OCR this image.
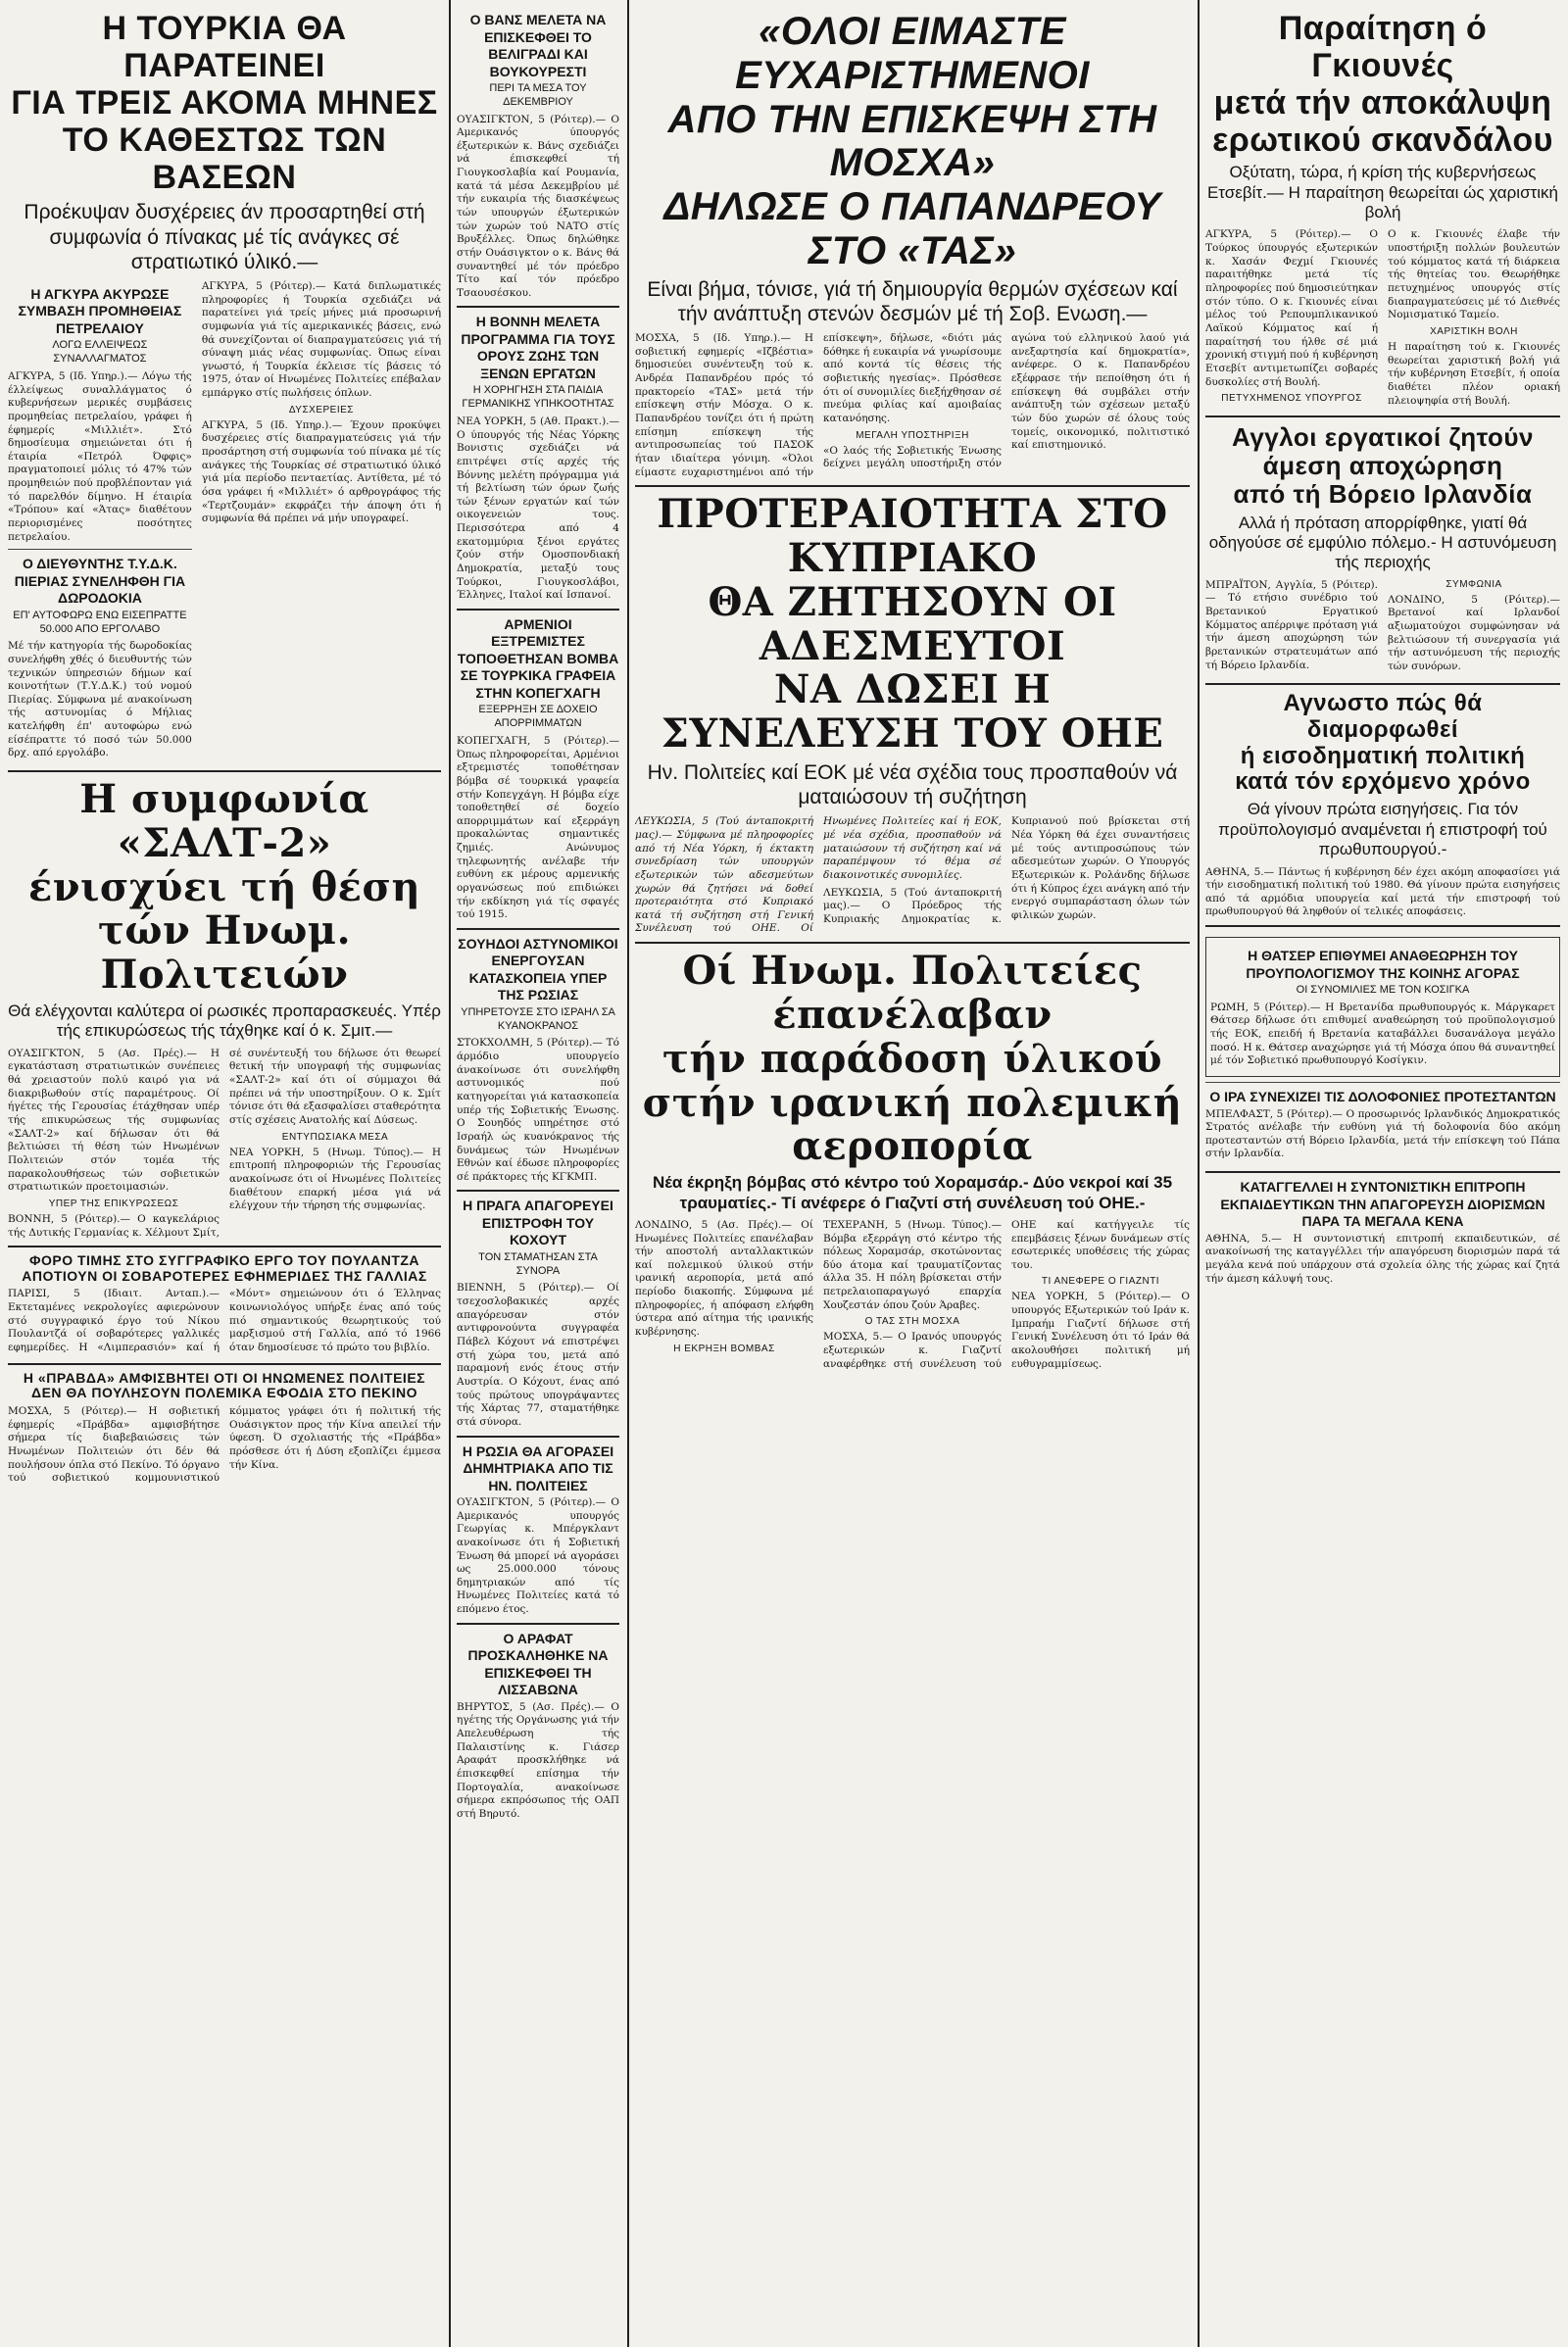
Η ΤΟΥΡΚΙΑ ΘΑ ΠΑΡΑΤΕΙΝΕΙ
ΓΙΑ ΤΡΕΙΣ ΑΚΟΜΑ ΜΗΝΕΣ
ΤΟ ΚΑΘΕΣΤΩΣ ΤΩΝ ΒΑΣΕΩΝ
Προέκυψαν δυσχέρειες άν προσαρτηθεί στή συμφωνία ό πίνακας μέ τίς ανάγκες σέ στρατιωτικό ύλικό.—
Η ΑΓΚΥΡΑ ΑΚΥΡΩΣΕ ΣΥΜΒΑΣΗ ΠΡΟΜΗΘΕΙΑΣ ΠΕΤΡΕΛΑΙΟΥ
ΛΟΓΩ ΕΛΛΕΙΨΕΩΣ ΣΥΝΑΛΛΑΓΜΑΤΟΣ

ΑΓΚΥΡΑ, 5 (Ιδ. Υπηρ.).— Λόγω τής έλλείψεως συναλλάγματος ό κυβερνήσεων μερικές συμβάσεις προμηθείας πετρελαίου, γράφει ή έφημερίς «Μιλλιέτ». Στό δημοσίευμα σημειώνεται ότι ή έταιρία «Πετρόλ Όφφις» πραγματοποιεί μόλις τό 47% τών προμηθειών πού προβλέπονταν γιά τό παρελθόν δίμηνο. Η έταιρία «Τρόπου» καί «Άτας» διαθέτουν περιορισμένες ποσότητες πετρελαίου.

Ο ΔΙΕΥΘΥΝΤΗΣ Τ.Υ.Δ.Κ. ΠΙΕΡΙΑΣ ΣΥΝΕΛΗΦΘΗ ΓΙΑ ΔΩΡΟΔΟΚΙΑ
ΕΠ' ΑΥΤΟΦΩΡΩ ΕΝΩ ΕΙΣΕΠΡΑΤΤΕ 50.000 ΑΠΟ ΕΡΓΟΛΑΒΟ

Μέ τήν κατηγορία τής δωροδοκίας συνελήφθη χθές ό διευθυντής τών τεχνικών ύπηρεσιών δήμων καί κοινοτήτων (Τ.Υ.Δ.Κ.) τού νομού Πιερίας. Σύμφωνα μέ ανακοίνωση τής αστυνομίας ό Μήλιας κατελήφθη έπ' αυτοφώρω ενώ είσέπραττε τό ποσό τών 50.000 δρχ. από εργολάβο.

ΑΓΚΥΡΑ, 5 (Ρόιτερ).— Κατά διπλωματικές πληροφορίες ή Τουρκία σχεδιάζει νά παρατείνει γιά τρείς μήνες μιά προσωρινή συμφωνία γιά τίς αμερικανικές βάσεις, ενώ θά συνεχίζονται οί διαπραγματεύσεις γιά τή σύναψη μιάς νέας συμφωνίας. Όπως είναι γνωστό, ή Τουρκία έκλεισε τίς βάσεις τό 1975, όταν οί Ηνωμένες Πολιτείες επέβαλαν εμπάργκο στίς πωλήσεις όπλων.

ΔΥΣΧΕΡΕΙΕΣ

ΑΓΚΥΡΑ, 5 (Ιδ. Υπηρ.).— Έχουν προκύψει δυσχέρειες στίς διαπραγματεύσεις γιά τήν προσάρτηση στή συμφωνία τού πίνακα μέ τίς ανάγκες τής Τουρκίας σέ στρατιωτικό ύλικό γιά μία περίοδο πενταετίας. Αντίθετα, μέ τό όσα γράφει ή «Μιλλιέτ» ό αρθρογράφος τής «Τερτζουμάν» εκφράζει τήν άποψη ότι ή συμφωνία θά πρέπει νά μήν υπογραφεί.

Η συμφωνία «ΣΑΛΤ-2»
ένισχύει τή θέση
τών Ηνωμ. Πολιτειών
Θά ελέγχονται καλύτερα οί ρωσικές προπαρασκευές. Υπέρ τής επικυρώσεως τής τάχθηκε καί ό κ. Σμιτ.—

ΟΥΑΣΙΓΚΤΟΝ, 5 (Ασ. Πρές).— Η εγκατάσταση στρατιωτικών συνέπειες θά χρειαστούν πολύ καιρό για νά διακριβωθούν στίς παραμέτρους. Οί ήγέτες τής Γερουσίας έτάχθησαν υπέρ τής επικυρώσεως τής συμφωνίας «ΣΑΛΤ-2» καί δήλωσαν ότι θά βελτιώσει τή θέση τών Ηνωμένων Πολιτειών στόν τομέα τής παρακολουθήσεως τών σοβιετικών στρατιωτικών προετοιμασιών.

ΥΠΕΡ ΤΗΣ ΕΠΙΚΥΡΩΣΕΩΣ

ΒΟΝΝΗ, 5 (Ρόιτερ).— Ο καγκελάριος τής Δυτικής Γερμανίας κ. Χέλμουτ Σμίτ, σέ συνέντευξή του δήλωσε ότι θεωρεί θετική τήν υπογραφή τής συμφωνίας «ΣΑΛΤ-2» καί ότι οί σύμμαχοι θά πρέπει νά τήν υποστηρίξουν. Ο κ. Σμίτ τόνισε ότι θά εξασφαλίσει σταθερότητα στίς σχέσεις Ανατολής καί Δύσεως.

ΕΝΤΥΠΩΣΙΑΚΑ ΜΕΣΑ

ΝΕΑ ΥΟΡΚΗ, 5 (Ηνωμ. Τύπος).— Η επιτροπή πληροφοριών τής Γερουσίας ανακοίνωσε ότι οί Ηνωμένες Πολιτείες διαθέτουν επαρκή μέσα γιά νά ελέγχουν τήν τήρηση τής συμφωνίας.

ΦΟΡΟ ΤΙΜΗΣ ΣΤΟ ΣΥΓΓΡΑΦΙΚΟ ΕΡΓΟ ΤΟΥ ΠΟΥΛΑΝΤΖΑ ΑΠΟΤΙΟΥΝ ΟΙ ΣΟΒΑΡΟΤΕΡΕΣ ΕΦΗΜΕΡΙΔΕΣ ΤΗΣ ΓΑΛΛΙΑΣ

ΠΑΡΙΣΙ, 5 (Ιδιαιτ. Ανταπ.).— Εκτεταμένες νεκρολογίες αφιερώνουν στό συγγραφικό έργο τού Νίκου Πουλαντζά οί σοβαρότερες γαλλικές εφημερίδες. Η «Λιμπερασιόν» καί ή «Μόντ» σημειώνουν ότι ό Έλληνας κοινωνιολόγος υπήρξε ένας από τούς πιό σημαντικούς θεωρητικούς τού μαρξισμού στή Γαλλία, από τό 1966 όταν δημοσίευσε τό πρώτο του βιβλίο.

Η «ΠΡΑΒΔΑ» ΑΜΦΙΣΒΗΤΕΙ ΟΤΙ ΟΙ ΗΝΩΜΕΝΕΣ ΠΟΛΙΤΕΙΕΣ ΔΕΝ ΘΑ ΠΟΥΛΗΣΟΥΝ ΠΟΛΕΜΙΚΑ ΕΦΟΔΙΑ ΣΤΟ ΠΕΚΙΝΟ

ΜΟΣΧΑ, 5 (Ρόιτερ).— Η σοβιετική έφημερίς «Πράβδα» αμφισβήτησε σήμερα τίς διαβεβαιώσεις τών Ηνωμένων Πολιτειών ότι δέν θά πουλήσουν όπλα στό Πεκίνο. Τό όργανο τού σοβιετικού κομμουνιστικού κόμματος γράφει ότι ή πολιτική τής Ουάσιγκτον προς τήν Κίνα απειλεί τήν ύφεση. Ό σχολιαστής τής «Πράβδα» πρόσθεσε ότι ή Δύση εξοπλίζει έμμεσα τήν Κίνα.

Ο ΒΑΝΣ ΜΕΛΕΤΑ ΝΑ ΕΠΙΣΚΕΦΘΕΙ ΤΟ ΒΕΛΙΓΡΑΔΙ ΚΑΙ ΒΟΥΚΟΥΡΕΣΤΙ
ΠΕΡΙ ΤΑ ΜΕΣΑ ΤΟΥ ΔΕΚΕΜΒΡΙΟΥ

ΟΥΑΣΙΓΚΤΟΝ, 5 (Ρόιτερ).— Ο Αμερικανός ύπουργός έξωτερικών κ. Βάνς σχεδιάζει νά έπισκεφθεί τή Γιουγκοσλαβία καί Ρουμανία, κατά τά μέσα Δεκεμβρίου μέ τήν ευκαιρία τής διασκέψεως τών υπουργών έξωτερικών τών χωρών τού ΝΑΤΟ στίς Βρυξέλλες. Όπως δηλώθηκε στήν Ουάσιγκτον ο κ. Βάνς θά συναντηθεί μέ τόν πρόεδρο Τίτο καί τόν πρόεδρο Τσαουσέσκου.

Η ΒΟΝΝΗ ΜΕΛΕΤΑ ΠΡΟΓΡΑΜΜΑ ΓΙΑ ΤΟΥΣ ΟΡΟΥΣ ΖΩΗΣ ΤΩΝ ΞΕΝΩΝ ΕΡΓΑΤΩΝ
Η ΧΟΡΗΓΗΣΗ ΣΤΑ ΠΑΙΔΙΑ ΓΕΡΜΑΝΙΚΗΣ ΥΠΗΚΟΟΤΗΤΑΣ

ΝΕΑ ΥΟΡΚΗ, 5 (Αθ. Πρακτ.).— Ο ύπουργός τής Νέας Υόρκης Βονιστις σχεδιάζει νά επιτρέψει στίς αρχές τής Βόννης μελέτη πρόγραμμα γιά τή βελτίωση τών όρων ζωής τών ξένων εργατών καί τών οικογενειών τους. Περισσότερα από 4 εκατομμύρια ξένοι εργάτες ζούν στήν Ομοσπονδιακή Δημοκρατία, μεταξύ τους Τούρκοι, Γιουγκοσλάβοι, Έλληνες, Ιταλοί καί Ισπανοί.

ΑΡΜΕΝΙΟΙ ΕΞΤΡΕΜΙΣΤΕΣ ΤΟΠΟΘΕΤΗΣΑΝ ΒΟΜΒΑ ΣΕ ΤΟΥΡΚΙΚΑ ΓΡΑΦΕΙΑ ΣΤΗΝ ΚΟΠΕΓΧΑΓΗ
ΕΞΕΡΡΗΞΗ ΣΕ ΔΟΧΕΙΟ ΑΠΟΡΡΙΜΜΑΤΩΝ

ΚΟΠΕΓΧΑΓΗ, 5 (Ρόιτερ).— Όπως πληροφορείται, Αρμένιοι εξτρεμιστές τοποθέτησαν βόμβα σέ τουρκικά γραφεία στήν Κοπεγχάγη. Η βόμβα είχε τοποθετηθεί σέ δοχείο απορριμμάτων καί εξερράγη προκαλώντας σημαντικές ζημιές. Ανώνυμος τηλεφωνητής ανέλαβε τήν ευθύνη εκ μέρους αρμενικής οργανώσεως πού επιδιώκει τήν εκδίκηση γιά τίς σφαγές τού 1915.

ΣΟΥΗΔΟΙ ΑΣΤΥΝΟΜΙΚΟΙ ΕΝΕΡΓΟΥΣΑΝ ΚΑΤΑΣΚΟΠΕΙΑ ΥΠΕΡ ΤΗΣ ΡΩΣΙΑΣ
ΥΠΗΡΕΤΟΥΣΕ ΣΤΟ ΙΣΡΑΗΛ ΣΑ ΚΥΑΝΟΚΡΑΝΟΣ

ΣΤΟΚΧΟΛΜΗ, 5 (Ρόιτερ).— Τό άρμόδιο υπουργείο άνακοίνωσε ότι συνελήφθη αστυνομικός πού κατηγορείται γιά κατασκοπεία υπέρ τής Σοβιετικής Ένωσης. Ο Σουηδός υπηρέτησε στό Ισραήλ ώς κυανόκρανος τής δυνάμεως τών Ηνωμένων Εθνών καί έδωσε πληροφορίες σέ πράκτορες τής ΚΓΚΜΠ.

Η ΠΡΑΓΑ ΑΠΑΓΟΡΕΥΕΙ ΕΠΙΣΤΡΟΦΗ ΤΟΥ ΚΟΧΟΥΤ
ΤΟΝ ΣΤΑΜΑΤΗΣΑΝ ΣΤΑ ΣΥΝΟΡΑ

ΒΙΕΝΝΗ, 5 (Ρόιτερ).— Οί τσεχοσλοβακικές αρχές απαγόρευσαν στόν αντιφρονούντα συγγραφέα Πάβελ Κόχουτ νά επιστρέψει στή χώρα του, μετά από παραμονή ενός έτους στήν Αυστρία. Ο Κόχουτ, ένας από τούς πρώτους υπογράψαντες τής Χάρτας 77, σταματήθηκε στά σύνορα.

Η ΡΩΣΙΑ ΘΑ ΑΓΟΡΑΣΕΙ ΔΗΜΗΤΡΙΑΚΑ ΑΠΟ ΤΙΣ ΗΝ. ΠΟΛΙΤΕΙΕΣ

ΟΥΑΣΙΓΚΤΟΝ, 5 (Ρόιτερ).— Ο Αμερικανός υπουργός Γεωργίας κ. Μπέργκλαντ ανακοίνωσε ότι ή Σοβιετική Ένωση θά μπορεί νά αγοράσει ως 25.000.000 τόνους δημητριακών από τίς Ηνωμένες Πολιτείες κατά τό επόμενο έτος.

Ο ΑΡΑΦΑΤ ΠΡΟΣΚΑΛΗΘΗΚΕ ΝΑ ΕΠΙΣΚΕΦΘΕΙ ΤΗ ΛΙΣΣΑΒΩΝΑ

ΒΗΡΥΤΟΣ, 5 (Ασ. Πρές).— Ο ηγέτης τής Οργάνωσης γιά τήν Απελευθέρωση τής Παλαιστίνης κ. Γιάσερ Αραφάτ προσκλήθηκε νά έπισκεφθεί επίσημα τήν Πορτογαλία, ανακοίνωσε σήμερα εκπρόσωπος τής ΟΑΠ στή Βηρυτό.

«ΟΛΟΙ ΕΙΜΑΣΤΕ ΕΥΧΑΡΙΣΤΗΜΕΝΟΙ
ΑΠΟ ΤΗΝ ΕΠΙΣΚΕΨΗ ΣΤΗ ΜΟΣΧΑ»
ΔΗΛΩΣΕ Ο ΠΑΠΑΝΔΡΕΟΥ ΣΤΟ «ΤΑΣ»
Είναι βήμα, τόνισε, γιά τή δημιουργία θερμών σχέσεων καί τήν ανάπτυξη στενών δεσμών μέ τή Σοβ. Ενωση.—

ΜΟΣΧΑ, 5 (Ιδ. Υπηρ.).— Η σοβιετική εφημερίς «Ιζβέστια» δημοσιεύει συνέντευξη τού κ. Ανδρέα Παπανδρέου πρός τό πρακτορείο «ΤΑΣ» μετά τήν επίσκεψη στήν Μόσχα. Ο κ. Παπανδρέου τονίζει ότι ή πρώτη επίσημη επίσκεψη τής αντιπροσωπείας τού ΠΑΣΟΚ ήταν ιδιαίτερα γόνιμη. «Όλοι είμαστε ευχαριστημένοι από τήν επίσκεψη», δήλωσε, «διότι μάς δόθηκε ή ευκαιρία νά γνωρίσουμε από κοντά τίς θέσεις τής σοβιετικής ηγεσίας». Πρόσθεσε ότι οί συνομιλίες διεξήχθησαν σέ πνεύμα φιλίας καί αμοιβαίας κατανόησης.

ΜΕΓΑΛΗ ΥΠΟΣΤΗΡΙΞΗ

«Ο λαός τής Σοβιετικής Ένωσης δείχνει μεγάλη υποστήριξη στόν αγώνα τού ελληνικού λαού γιά ανεξαρτησία καί δημοκρατία», ανέφερε. Ο κ. Παπανδρέου εξέφρασε τήν πεποίθηση ότι ή επίσκεψη θά συμβάλει στήν ανάπτυξη τών σχέσεων μεταξύ τών δύο χωρών σέ όλους τούς τομείς, οικονομικό, πολιτιστικό καί επιστημονικό.

ΠΡΟΤΕΡΑΙΟΤΗΤΑ ΣΤΟ ΚΥΠΡΙΑΚΟ
ΘΑ ΖΗΤΗΣΟΥΝ ΟΙ ΑΔΕΣΜΕΥΤΟΙ
ΝΑ ΔΩΣΕΙ Η ΣΥΝΕΛΕΥΣΗ ΤΟΥ ΟΗΕ
Ην. Πολιτείες καί ΕΟΚ μέ νέα σχέδια τους προσπαθούν νά ματαιώσουν τή συζήτηση

ΛΕΥΚΩΣΙΑ, 5 (Τού άνταποκριτή μας).— Σύμφωνα μέ πληροφορίες από τή Νέα Υόρκη, ή έκτακτη συνεδρίαση τών υπουργών εξωτερικών τών αδεσμεύτων χωρών θά ζητήσει νά δοθεί προτεραιότητα στό Κυπριακό κατά τή συζήτηση στή Γενική Συνέλευση τού ΟΗΕ. Οί Ηνωμένες Πολιτείες καί ή ΕΟΚ, μέ νέα σχέδια, προσπαθούν νά ματαιώσουν τή συζήτηση καί νά παραπέμψουν τό θέμα σέ διακοινοτικές συνομιλίες.

ΛΕΥΚΩΣΙΑ, 5 (Τού άνταποκριτή μας).— Ο Πρόεδρος τής Κυπριακής Δημοκρατίας κ. Κυπριανού πού βρίσκεται στή Νέα Υόρκη θά έχει συναντήσεις μέ τούς αντιπροσώπους τών αδεσμεύτων χωρών. Ο Υπουργός Εξωτερικών κ. Ρολάνδης δήλωσε ότι ή Κύπρος έχει ανάγκη από τήν ενεργό συμπαράσταση όλων τών φιλικών χωρών.

Οί Ηνωμ. Πολιτείες έπανέλαβαν
τήν παράδοση ύλικού
στήν ιρανική πολεμική αεροπορία
Νέα έκρηξη βόμβας στό κέντρο τού Χοραμσάρ.- Δύο νεκροί καί 35 τραυματίες.- Τί ανέφερε ό Γιαζντί στή συνέλευση τού ΟΗΕ.-

ΛΟΝΔΙΝΟ, 5 (Ασ. Πρές).— Οί Ηνωμένες Πολιτείες επανέλαβαν τήν αποστολή ανταλλακτικών καί πολεμικού ύλικού στήν ιρανική αεροπορία, μετά από περίοδο διακοπής. Σύμφωνα μέ πληροφορίες, ή απόφαση ελήφθη ύστερα από αίτημα τής ιρανικής κυβέρνησης.

Η ΕΚΡΗΞΗ ΒΟΜΒΑΣ

ΤΕΧΕΡΑΝΗ, 5 (Ηνωμ. Τύπος).— Βόμβα εξερράγη στό κέντρο τής πόλεως Χοραμσάρ, σκοτώνοντας δύο άτομα καί τραυματίζοντας άλλα 35. Η πόλη βρίσκεται στήν πετρελαιοπαραγωγό επαρχία Χουζεστάν όπου ζούν Άραβες.

Ο ΤΑΣ ΣΤΗ ΜΟΣΧΑ

ΜΟΣΧΑ, 5.— Ο Ιρανός υπουργός εξωτερικών κ. Γιαζντί αναφέρθηκε στή συνέλευση τού ΟΗΕ καί κατήγγειλε τίς επεμβάσεις ξένων δυνάμεων στίς εσωτερικές υποθέσεις τής χώρας του.

ΤΙ ΑΝΕΦΕΡΕ Ο ΓΙΑΖΝΤΙ

ΝΕΑ ΥΟΡΚΗ, 5 (Ρόιτερ).— Ο υπουργός Εξωτερικών τού Ιράν κ. Ιμπραήμ Γιαζντί δήλωσε στή Γενική Συνέλευση ότι τό Ιράν θά ακολουθήσει πολιτική μή ευθυγραμμίσεως.

Παραίτηση ό Γκιουνές
μετά τήν αποκάλυψη
ερωτικού σκανδάλου
Οξύτατη, τώρα, ή κρίση τής κυβερνήσεως Ετσεβίτ.— Η παραίτηση θεωρείται ώς χαριστική βολή

ΑΓΚΥΡΑ, 5 (Ρόιτερ).— Ο Τούρκος ύπουργός εξωτερικών κ. Χασάν Φεχμί Γκιουνές παραιτήθηκε μετά τίς πληροφορίες πού δημοσιεύτηκαν στόν τύπο. Ο κ. Γκιουνές είναι μέλος τού Ρεπουμπλικανικού Λαϊκού Κόμματος καί ή παραίτησή του ήλθε σέ μιά χρονική στιγμή πού ή κυβέρνηση Ετσεβίτ αντιμετωπίζει σοβαρές δυσκολίες στή Βουλή.

ΠΕΤΥΧΗΜΕΝΟΣ ΥΠΟΥΡΓΟΣ

Ο κ. Γκιουνές έλαβε τήν υποστήριξη πολλών βουλευτών τού κόμματος κατά τή διάρκεια τής θητείας του. Θεωρήθηκε πετυχημένος υπουργός στίς διαπραγματεύσεις μέ τό Διεθνές Νομισματικό Ταμείο.

ΧΑΡΙΣΤΙΚΗ ΒΟΛΗ

Η παραίτηση τού κ. Γκιουνές θεωρείται χαριστική βολή γιά τήν κυβέρνηση Ετσεβίτ, ή οποία διαθέτει πλέον οριακή πλειοψηφία στή Βουλή.

Αγγλοι εργατικοί ζητούν
άμεση αποχώρηση
από τή Βόρειο Ιρλανδία
Αλλά ή πρόταση απορρίφθηκε, γιατί θά οδηγούσε σέ εμφύλιο πόλεμο.- Η αστυνόμευση τής περιοχής

ΜΠΡΑΪΤΟΝ, Αγγλία, 5 (Ρόιτερ).— Τό ετήσιο συνέδριο τού Βρετανικού Εργατικού Κόμματος απέρριψε πρόταση γιά τήν άμεση αποχώρηση τών βρετανικών στρατευμάτων από τή Βόρειο Ιρλανδία.

ΣΥΜΦΩΝΙΑ

ΛΟΝΔΙΝΟ, 5 (Ρόιτερ).— Βρετανοί καί Ιρλανδοί αξιωματούχοι συμφώνησαν νά βελτιώσουν τή συνεργασία γιά τήν αστυνόμευση τής περιοχής τών συνόρων.

Αγνωστο πώς θά διαμορφωθεί
ή εισοδηματική πολιτική
κατά τόν ερχόμενο χρόνο
Θά γίνουν πρώτα εισηγήσεις. Για τόν προϋπολογισμό αναμένεται ή επιστροφή τού πρωθυπουργού.-

ΑΘΗΝΑ, 5.— Πάντως ή κυβέρνηση δέν έχει ακόμη αποφασίσει γιά τήν εισοδηματική πολιτική τού 1980. Θά γίνουν πρώτα εισηγήσεις από τά αρμόδια υπουργεία καί μετά τήν επιστροφή τού πρωθυπουργού θά ληφθούν οί τελικές αποφάσεις.

Η ΘΑΤΣΕΡ ΕΠΙΘΥΜΕΙ ΑΝΑΘΕΩΡΗΣΗ ΤΟΥ ΠΡΟΥΠΟΛΟΓΙΣΜΟΥ ΤΗΣ ΚΟΙΝΗΣ ΑΓΟΡΑΣ
ΟΙ ΣΥΝΟΜΙΛΙΕΣ ΜΕ ΤΟΝ ΚΟΣΙΓΚΑ

ΡΩΜΗ, 5 (Ρόιτερ).— Η Βρετανίδα πρωθυπουργός κ. Μάργκαρετ Θάτσερ δήλωσε ότι επιθυμεί αναθεώρηση τού προϋπολογισμού τής ΕΟΚ, επειδή ή Βρετανία καταβάλλει δυσανάλογα μεγάλο ποσό. Η κ. Θάτσερ αναχώρησε γιά τή Μόσχα όπου θά συναντηθεί μέ τόν Σοβιετικό πρωθυπουργό Κοσίγκιν.

Ο ΙΡΑ ΣΥΝΕΧΙΖΕΙ ΤΙΣ ΔΟΛΟΦΟΝΙΕΣ ΠΡΟΤΕΣΤΑΝΤΩΝ

ΜΠΕΛΦΑΣΤ, 5 (Ρόιτερ).— Ο προσωρινός Ιρλανδικός Δημοκρατικός Στρατός ανέλαβε τήν ευθύνη γιά τή δολοφονία δύο ακόμη προτεσταντών στή Βόρειο Ιρλανδία, μετά τήν επίσκεψη τού Πάπα στήν Ιρλανδία.

ΚΑΤΑΓΓΕΛΛΕΙ Η ΣΥΝΤΟΝΙΣΤΙΚΗ ΕΠΙΤΡΟΠΗ ΕΚΠΑΙΔΕΥΤΙΚΩΝ ΤΗΝ ΑΠΑΓΟΡΕΥΣΗ ΔΙΟΡΙΣΜΩΝ ΠΑΡΑ ΤΑ ΜΕΓΑΛΑ ΚΕΝΑ

ΑΘΗΝΑ, 5.— Η συντονιστική επιτροπή εκπαιδευτικών, σέ ανακοίνωσή της καταγγέλλει τήν απαγόρευση διορισμών παρά τά μεγάλα κενά πού υπάρχουν στά σχολεία όλης τής χώρας καί ζητά τήν άμεση κάλυψή τους.
